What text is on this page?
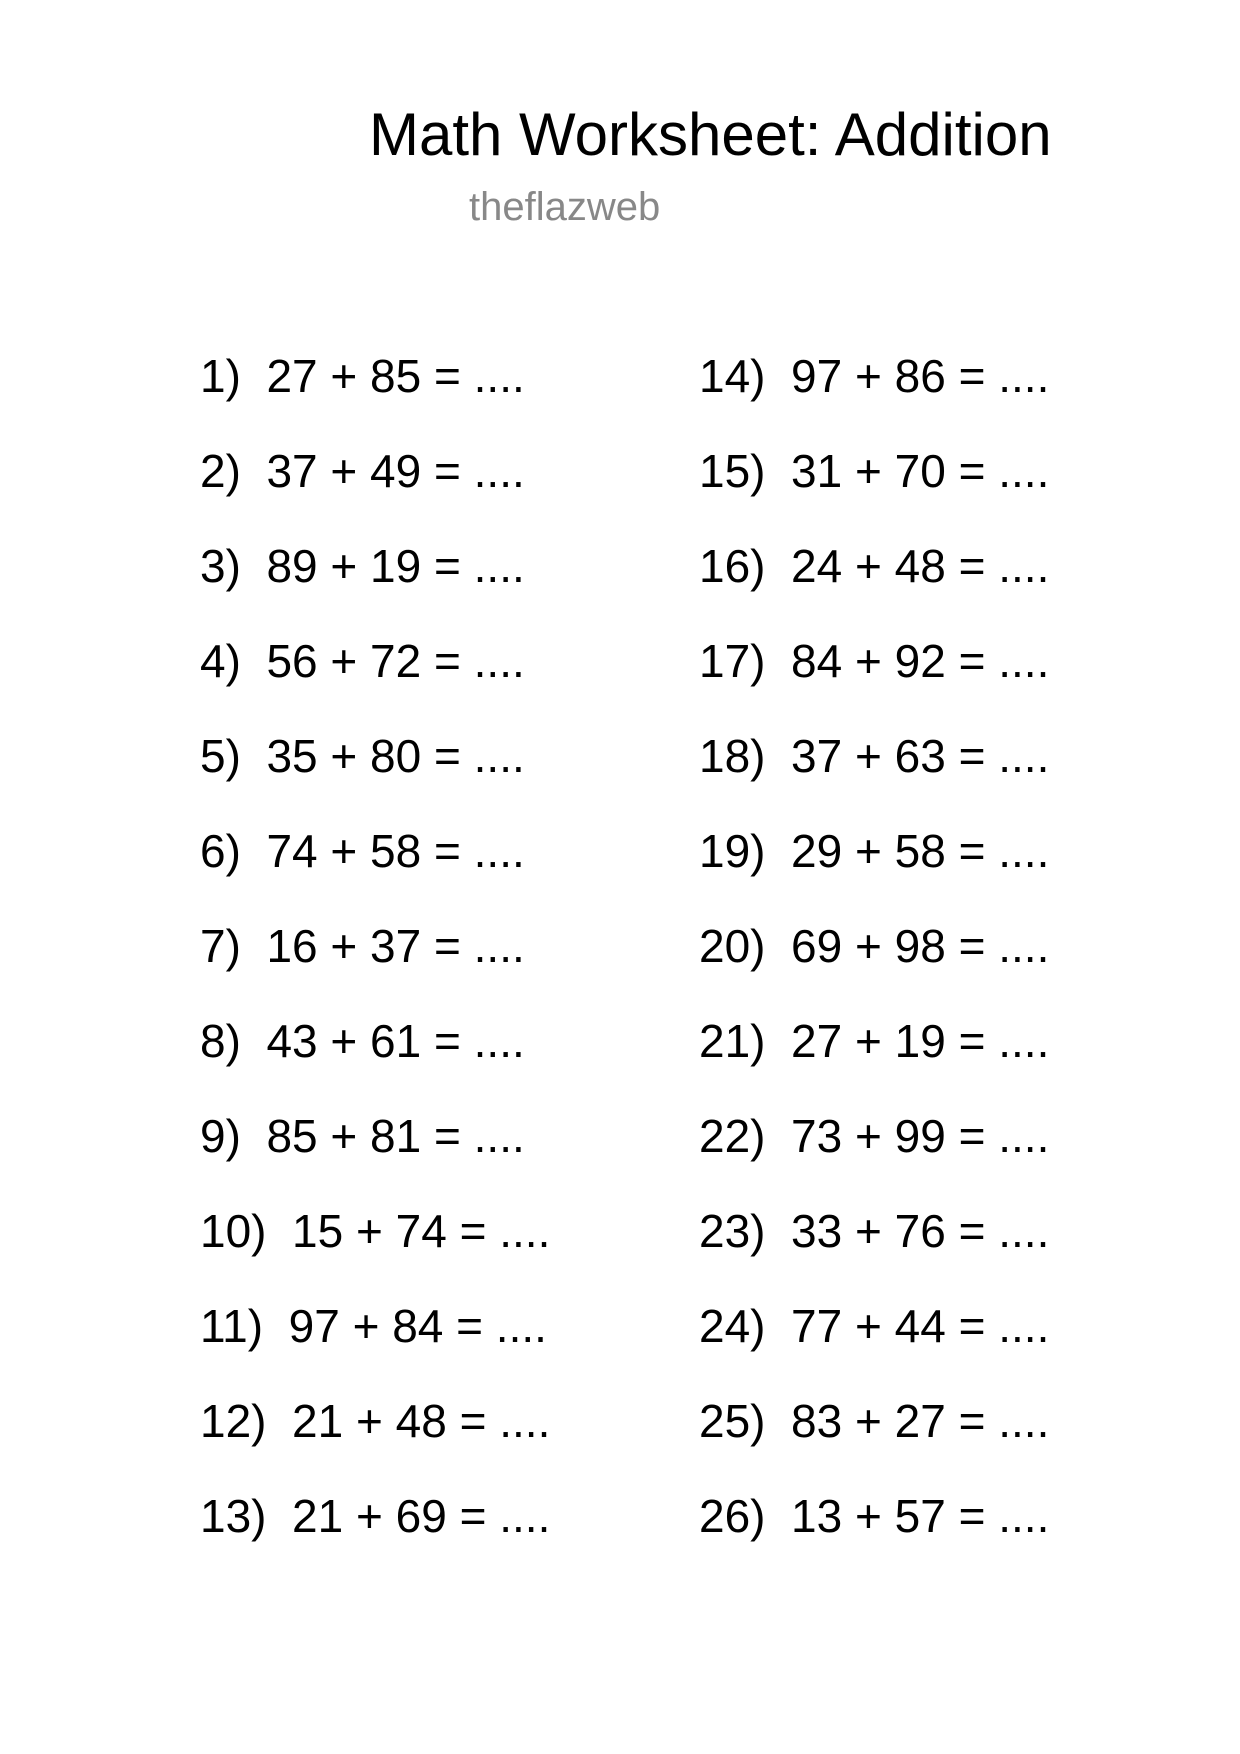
Math Worksheet: Addition
theflazweb
1)  27 + 85 = ....
2)  37 + 49 = ....
3)  89 + 19 = ....
4)  56 + 72 = ....
5)  35 + 80 = ....
6)  74 + 58 = ....
7)  16 + 37 = ....
8)  43 + 61 = ....
9)  85 + 81 = ....
10)  15 + 74 = ....
11)  97 + 84 = ....
12)  21 + 48 = ....
13)  21 + 69 = ....
14)  97 + 86 = ....
15)  31 + 70 = ....
16)  24 + 48 = ....
17)  84 + 92 = ....
18)  37 + 63 = ....
19)  29 + 58 = ....
20)  69 + 98 = ....
21)  27 + 19 = ....
22)  73 + 99 = ....
23)  33 + 76 = ....
24)  77 + 44 = ....
25)  83 + 27 = ....
26)  13 + 57 = ....
